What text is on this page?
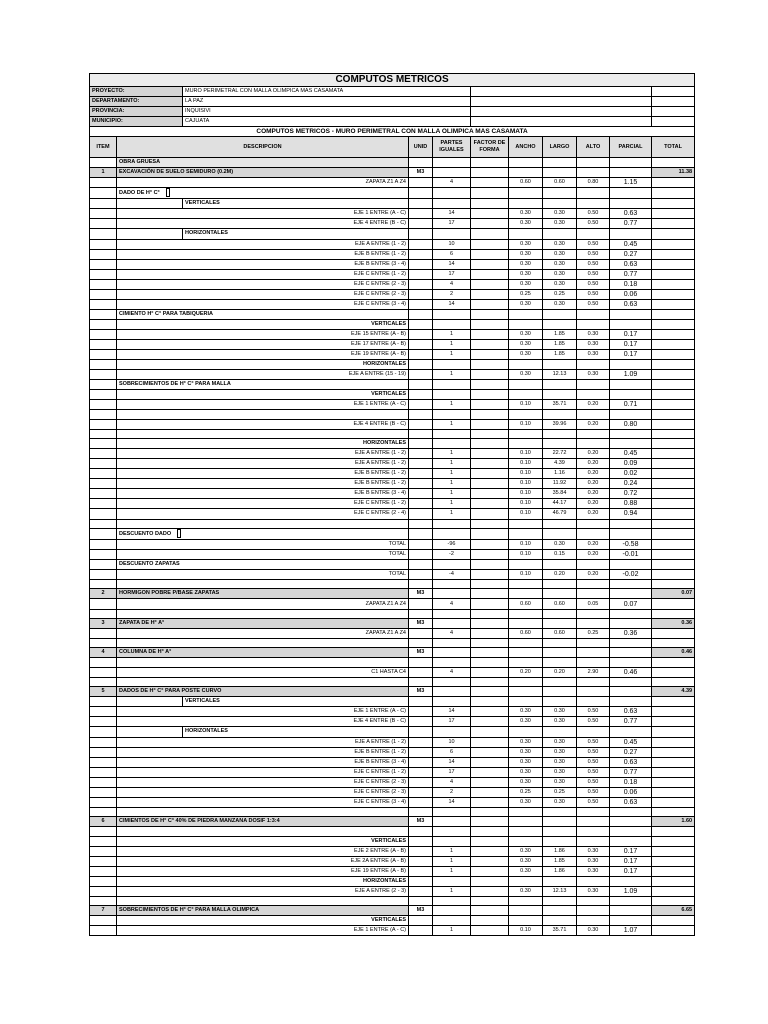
COMPUTOS METRICOS										
PROYECTO:		MURO PERIMETRAL CON MALLA OLIMPICA MAS CASAMATA								
DEPARTAMENTO:		LA PAZ								
PROVINCIA:		INQUISIVI								
MUNICIPIO:		CAJUATA								
COMPUTOS METRICOS - MURO PERIMETRAL CON MALLA OLIMPICA MAS CASAMATA										
ITEM	DESCRIPCION		UNID	PARTES IGUALES	FACTOR DE FORMA	ANCHO	LARGO	ALTO	PARCIAL	TOTAL
	OBRA GRUESA									
1	EXCAVACIÓN DE SUELO SEMIDURO (0.2M)		M3							11.38
	ZAPATA Z1 A Z4			4		0.60	0.60	0.80	1.15	
	DADO DE H° C°									
		VERTICALES								
	EJE 1 ENTRE (A - C)			14		0.30	0.30	0.50	0.63	
	EJE 4 ENTRE (B - C)			17		0.30	0.30	0.50	0.77	
		HORIZONTALES								
	EJE A ENTRE (1 - 2)			10		0.30	0.30	0.50	0.45	
	EJE B ENTRE (1 - 2)			6		0.30	0.30	0.50	0.27	
	EJE B ENTRE (3 - 4)			14		0.30	0.30	0.50	0.63	
	EJE C ENTRE (1 - 2)			17		0.30	0.30	0.50	0.77	
	EJE C ENTRE (2 - 3)			4		0.30	0.30	0.50	0.18	
	EJE C ENTRE (2 - 3)			2		0.25	0.25	0.50	0.06	
	EJE C ENTRE (3 - 4)			14		0.30	0.30	0.50	0.63	
	CIMIENTO H° C° PARA TABIQUERIA									
	VERTICALES									
	EJE 15 ENTRE (A - B)			1		0.30	1.85	0.30	0.17	
	EJE 17 ENTRE (A - B)			1		0.30	1.85	0.30	0.17	
	EJE 19 ENTRE (A - B)			1		0.30	1.85	0.30	0.17	
	HORIZONTALES									
	EJE A ENTRE (15 - 19)			1		0.30	12.13	0.30	1.09	
	SOBRECIMIENTOS DE H° C° PARA MALLA									
	VERTICALES									
	EJE 1 ENTRE (A - C)			1		0.10	35.71	0.20	0.71	

	EJE 4 ENTRE (B - C)			1		0.10	39.96	0.20	0.80	

	HORIZONTALES									
	EJE A ENTRE (1 - 2)			1		0.10	22.72	0.20	0.45	
	EJE A ENTRE (1 - 2)			1		0.10	4.39	0.20	0.09	
	EJE B ENTRE (1 - 2)			1		0.10	1.16	0.20	0.02	
	EJE B ENTRE (1 - 2)			1		0.10	11.92	0.20	0.24	
	EJE B ENTRE (3 - 4)			1		0.10	35.84	0.20	0.72	
	EJE C ENTRE (1 - 2)			1		0.10	44.17	0.20	0.88	
	EJE C ENTRE (2 - 4)			1		0.10	46.79	0.20	0.94	

	DESCUENTO DADO									
	TOTAL			-96		0.10	0.30	0.20	-0.58	
	TOTAL			-2		0.10	0.15	0.20	-0.01	
	DESCUENTO ZAPATAS									
	TOTAL			-4		0.10	0.20	0.20	-0.02	

2	HORMIGON POBRE P/BASE ZAPATAS		M3							0.07
	ZAPATA Z1 A Z4			4		0.60	0.60	0.05	0.07	

3	ZAPATA DE H° A°		M3							0.36
	ZAPATA Z1 A Z4			4		0.60	0.60	0.25	0.36	

4	COLUMNA DE H° A°		M3							0.46

	C1 HASTA C4			4		0.20	0.20	2.90	0.46	

5	DADOS DE H° C° PARA POSTE CURVO		M3							4.39
		VERTICALES								
	EJE 1 ENTRE (A - C)			14		0.30	0.30	0.50	0.63	
	EJE 4 ENTRE (B - C)			17		0.30	0.30	0.50	0.77	
		HORIZONTALES								
	EJE A ENTRE (1 - 2)			10		0.30	0.30	0.50	0.45	
	EJE B ENTRE (1 - 2)			6		0.30	0.30	0.50	0.27	
	EJE B ENTRE (3 - 4)			14		0.30	0.30	0.50	0.63	
	EJE C ENTRE (1 - 2)			17		0.30	0.30	0.50	0.77	
	EJE C ENTRE (2 - 3)			4		0.30	0.30	0.50	0.18	
	EJE C ENTRE (2 - 3)			2		0.25	0.25	0.50	0.06	
	EJE C ENTRE (3 - 4)			14		0.30	0.30	0.50	0.63	

6	CIMIENTOS DE H° C° 40% DE PIEDRA MANZANA DOSIF 1:3:4		M3							1.60

	VERTICALES									
	EJE 2 ENTRE (A - B)			1		0.30	1.86	0.30	0.17	
	EJE 2A ENTRE (A - B)			1		0.30	1.85	0.30	0.17	
	EJE 19 ENTRE (A - B)			1		0.30	1.86	0.30	0.17	
	HORIZONTALES									
	EJE A ENTRE (2 - 3)			1		0.30	12.13	0.30	1.09	

7	SOBRECIMIENTOS DE H° C° PARA MALLA OLIMPICA		M3							6.65
	VERTICALES									
	EJE 1 ENTRE (A - C)			1		0.10	35.71	0.30	1.07	
